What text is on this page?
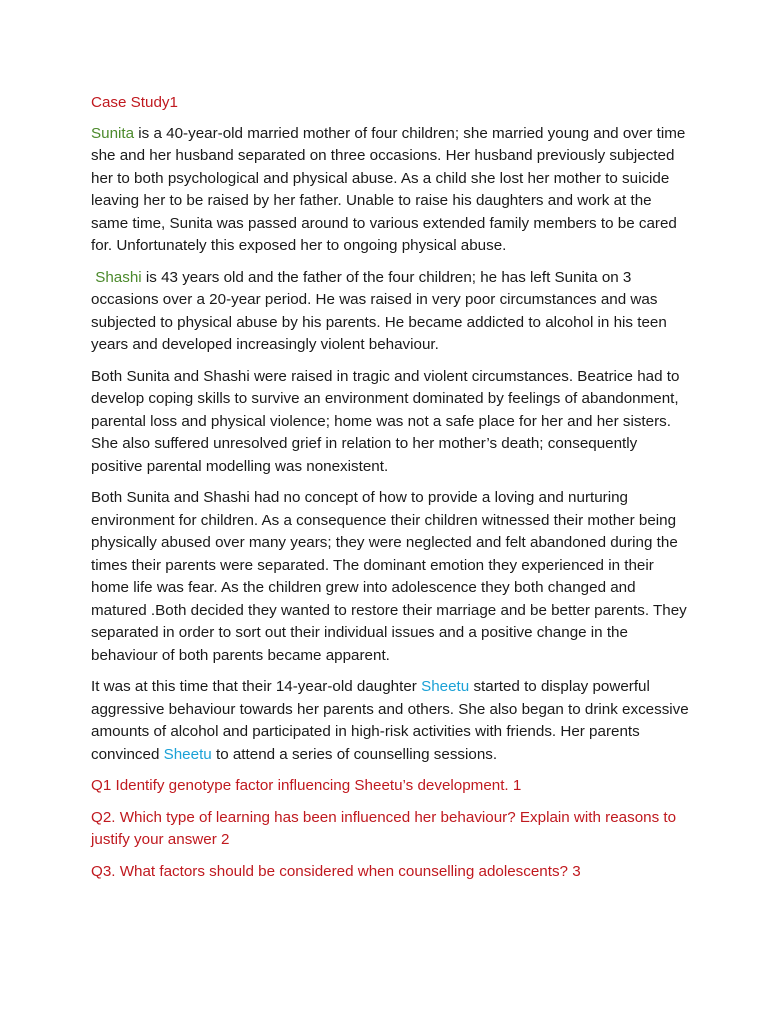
Case Study1

Sunita is a 40-year-old married mother of four children; she married young and over time she and her husband separated on three occasions. Her husband previously subjected her to both psychological and physical abuse. As a child she lost her mother to suicide leaving her to be raised by her father. Unable to raise his daughters and work at the same time, Sunita was passed around to various extended family members to be cared for. Unfortunately this exposed her to ongoing physical abuse.

Shashi is 43 years old and the father of the four children; he has left Sunita on 3 occasions over a 20-year period. He was raised in very poor circumstances and was subjected to physical abuse by his parents. He became addicted to alcohol in his teen years and developed increasingly violent behaviour.

Both Sunita and Shashi were raised in tragic and violent circumstances. Beatrice had to develop coping skills to survive an environment dominated by feelings of abandonment, parental loss and physical violence; home was not a safe place for her and her sisters. She also suffered unresolved grief in relation to her mother’s death; consequently positive parental modelling was nonexistent.

Both Sunita and Shashi had no concept of how to provide a loving and nurturing environment for children. As a consequence their children witnessed their mother being physically abused over many years; they were neglected and felt abandoned during the times their parents were separated. The dominant emotion they experienced in their home life was fear. As the children grew into adolescence they both changed and matured .Both decided they wanted to restore their marriage and be better parents. They separated in order to sort out their individual issues and a positive change in the behaviour of both parents became apparent.

It was at this time that their 14-year-old daughter Sheetu started to display powerful aggressive behaviour towards her parents and others. She also began to drink excessive amounts of alcohol and participated in high-risk activities with friends. Her parents convinced Sheetu to attend a series of counselling sessions.

Q1 Identify genotype factor influencing Sheetu’s development. 1

Q2. Which type of learning has been influenced her behaviour? Explain with reasons to justify your answer 2

Q3. What factors should be considered when counselling adolescents? 3
